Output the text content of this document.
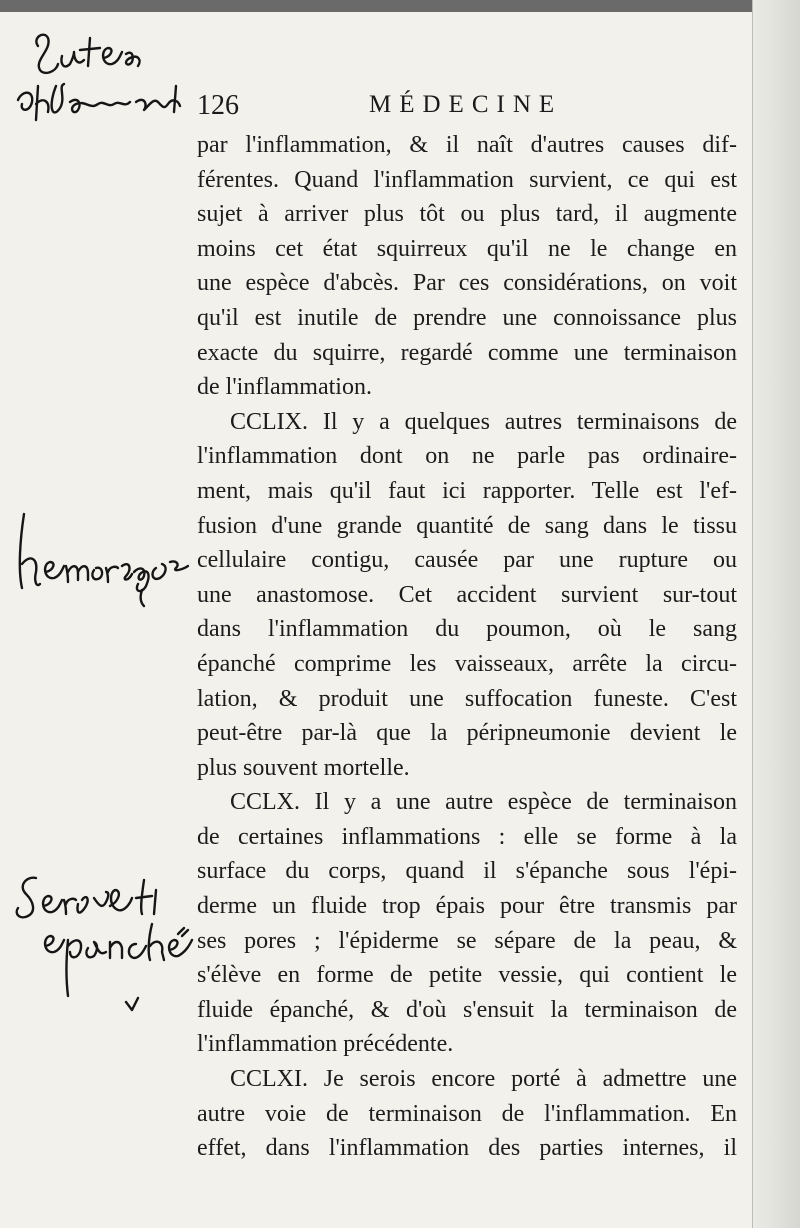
126	MÉDECINE
par l'inflammation, & il naît d'autres causes dif-
férentes. Quand l'inflammation survient, ce qui est
sujet à arriver plus tôt ou plus tard, il augmente
moins cet état squirreux qu'il ne le change en
une espèce d'abcès. Par ces considérations, on voit
qu'il est inutile de prendre une connoissance plus
exacte du squirre, regardé comme une terminaison
de l'inflammation.
CCLIX. Il y a quelques autres terminaisons de
l'inflammation dont on ne parle pas ordinaire-
ment, mais qu'il faut ici rapporter. Telle est l'ef-
fusion d'une grande quantité de sang dans le tissu
cellulaire contigu, causée par une rupture ou
une anastomose. Cet accident survient sur-tout
dans l'inflammation du poumon, où le sang
épanché comprime les vaisseaux, arrête la circu-
lation, & produit une suffocation funeste. C'est
peut-être par-là que la péripneumonie devient le
plus souvent mortelle.
CCLX. Il y a une autre espèce de terminaison
de certaines inflammations : elle se forme à la
surface du corps, quand il s'épanche sous l'épi-
derme un fluide trop épais pour être transmis par
ses pores ; l'épiderme se sépare de la peau, &
s'élève en forme de petite vessie, qui contient le
fluide épanché, & d'où s'ensuit la terminaison de
l'inflammation précédente.
CCLXI. Je serois encore porté à admettre une
autre voie de terminaison de l'inflammation. En
effet, dans l'inflammation des parties internes, il
